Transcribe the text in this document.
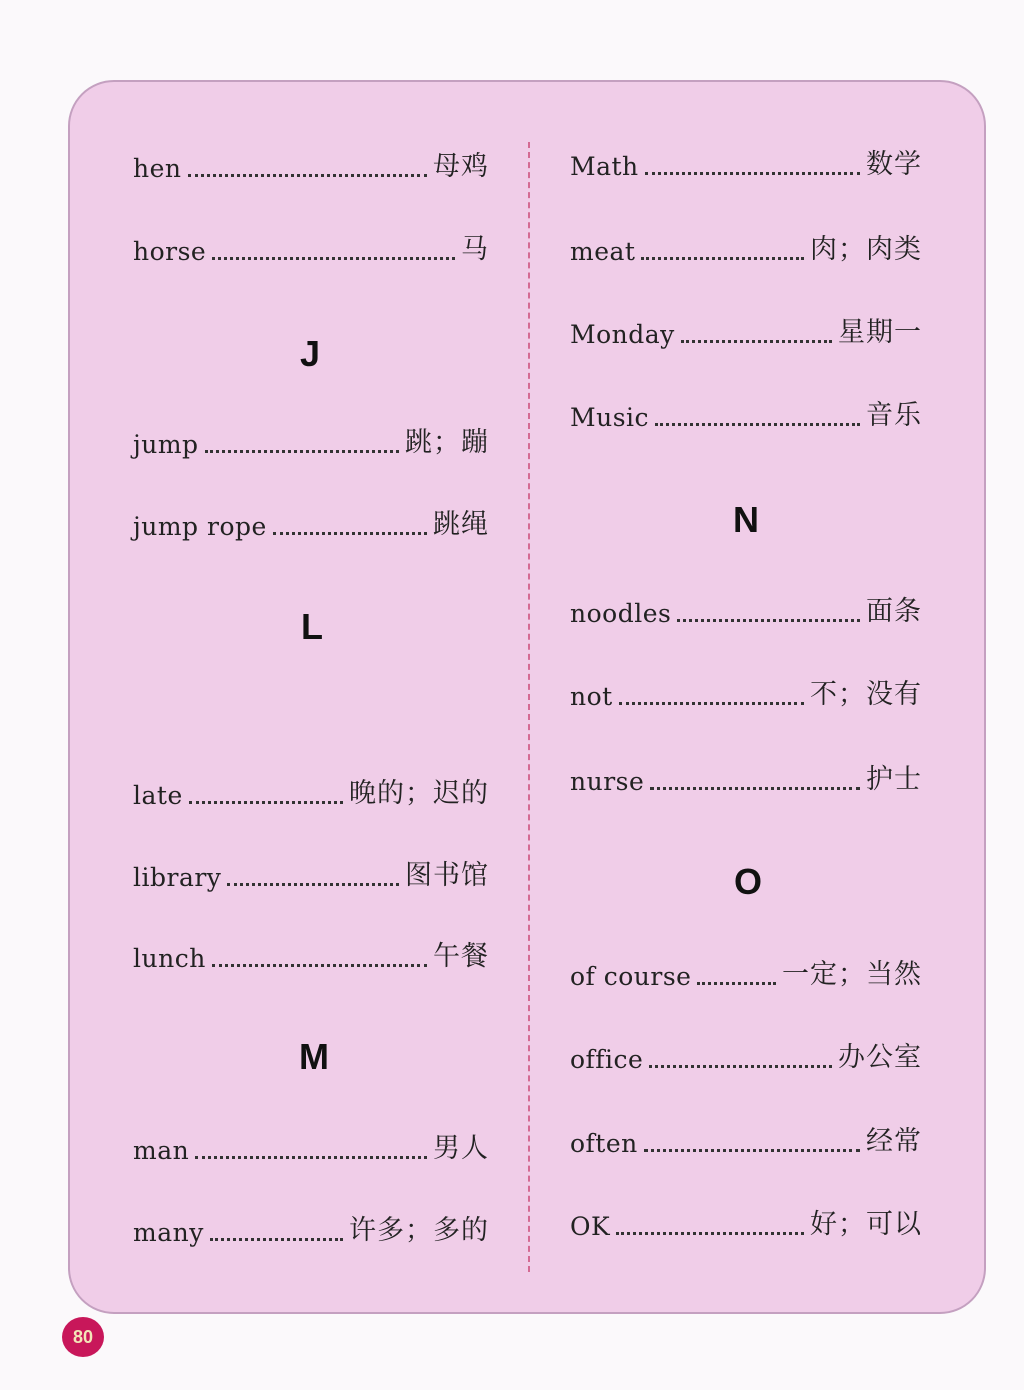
hen	母鸡
horse	马
J
jump	跳；蹦
jump rope	跳绳
L
late	晚的；迟的
library	图书馆
lunch	午餐
M
man	男人
many	许多；多的
Math	数学
meat	肉；肉类
Monday	星期一
Music	音乐
N
noodles	面条
not	不；没有
nurse	护士
O
of course	一定；当然
office	办公室
often	经常
OK	好；可以
80
